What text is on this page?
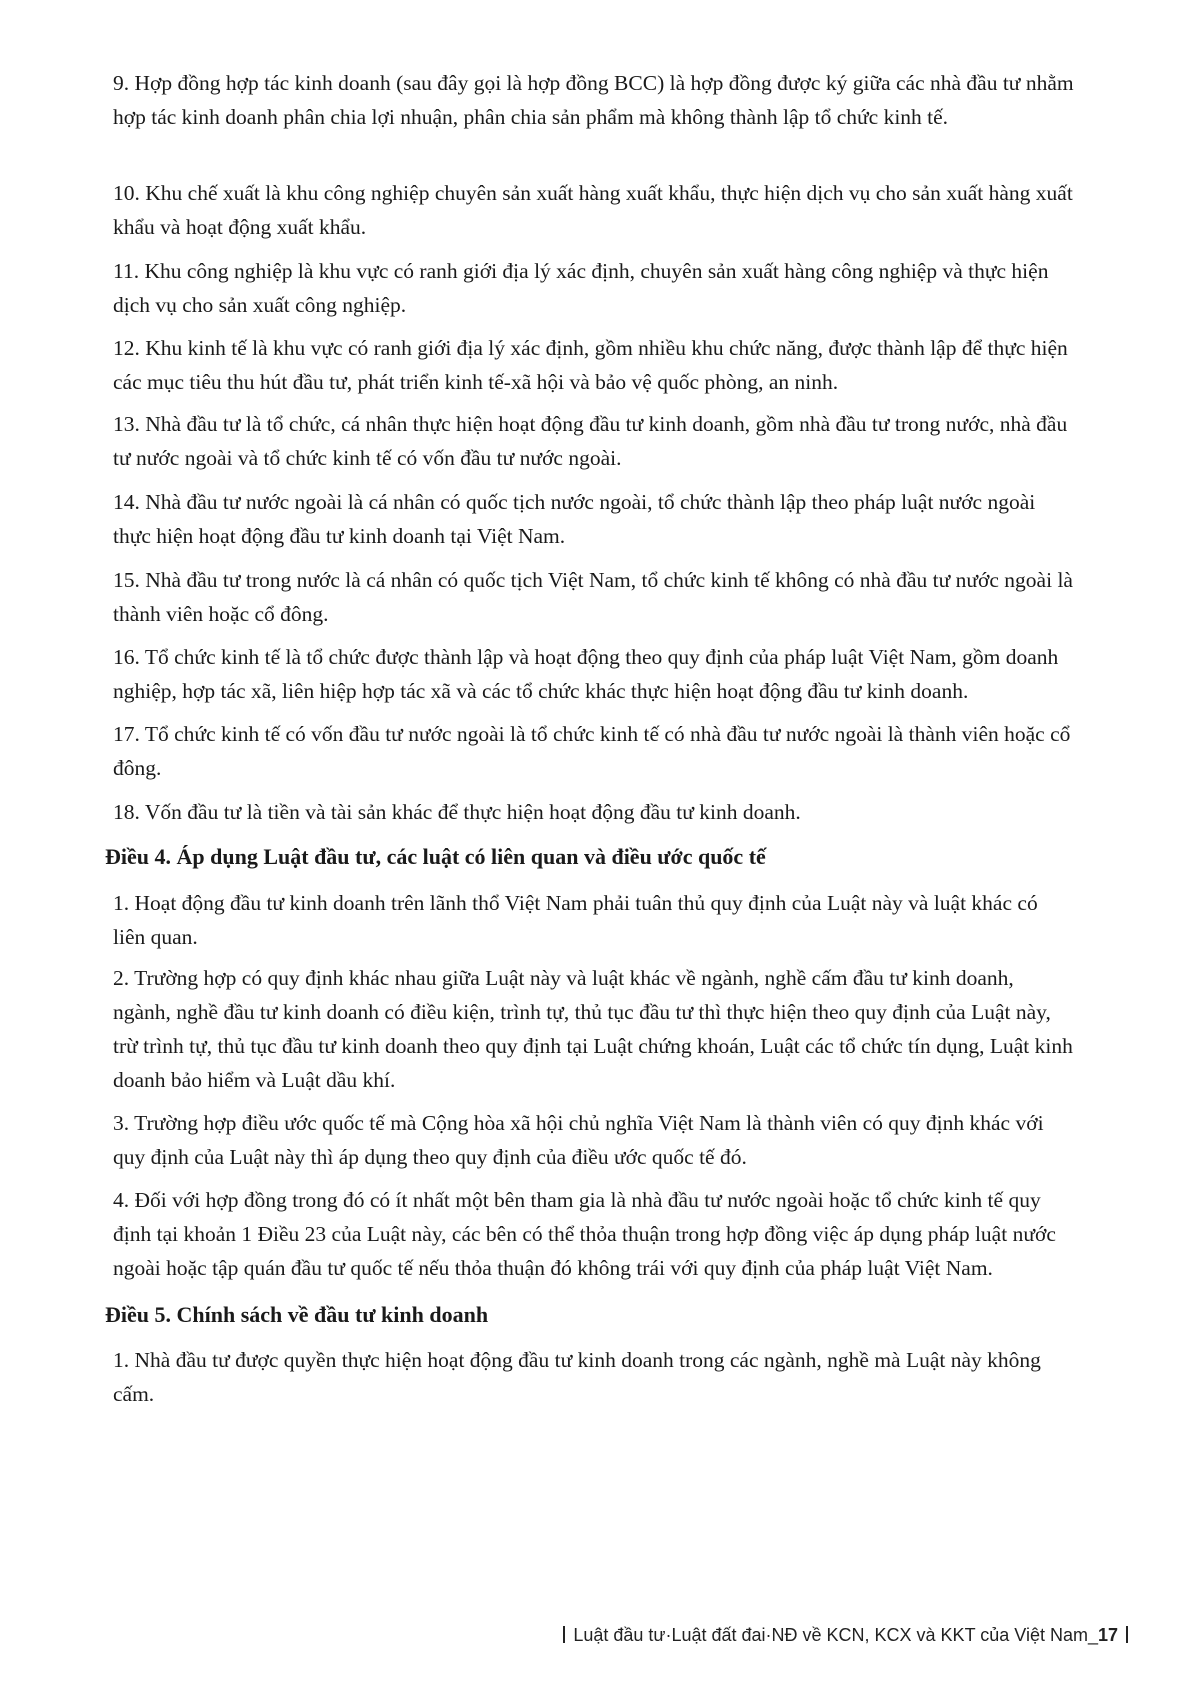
9. Hợp đồng hợp tác kinh doanh (sau đây gọi là hợp đồng BCC) là hợp đồng được ký giữa các nhà đầu tư nhằm hợp tác kinh doanh phân chia lợi nhuận, phân chia sản phẩm mà không thành lập tổ chức kinh tế.
10. Khu chế xuất là khu công nghiệp chuyên sản xuất hàng xuất khẩu, thực hiện dịch vụ cho sản xuất hàng xuất khẩu và hoạt động xuất khẩu.
11. Khu công nghiệp là khu vực có ranh giới địa lý xác định, chuyên sản xuất hàng công nghiệp và thực hiện dịch vụ cho sản xuất công nghiệp.
12. Khu kinh tế là khu vực có ranh giới địa lý xác định, gồm nhiều khu chức năng, được thành lập để thực hiện các mục tiêu thu hút đầu tư, phát triển kinh tế-xã hội và bảo vệ quốc phòng, an ninh.
13. Nhà đầu tư là tổ chức, cá nhân thực hiện hoạt động đầu tư kinh doanh, gồm nhà đầu tư trong nước, nhà đầu tư nước ngoài và tổ chức kinh tế có vốn đầu tư nước ngoài.
14. Nhà đầu tư nước ngoài là cá nhân có quốc tịch nước ngoài, tổ chức thành lập theo pháp luật nước ngoài thực hiện hoạt động đầu tư kinh doanh tại Việt Nam.
15. Nhà đầu tư trong nước là cá nhân có quốc tịch Việt Nam, tổ chức kinh tế không có nhà đầu tư nước ngoài là thành viên hoặc cổ đông.
16. Tổ chức kinh tế là tổ chức được thành lập và hoạt động theo quy định của pháp luật Việt Nam, gồm doanh nghiệp, hợp tác xã, liên hiệp hợp tác xã và các tổ chức khác thực hiện hoạt động đầu tư kinh doanh.
17. Tổ chức kinh tế có vốn đầu tư nước ngoài là tổ chức kinh tế có nhà đầu tư nước ngoài là thành viên hoặc cổ đông.
18. Vốn đầu tư là tiền và tài sản khác để thực hiện hoạt động đầu tư kinh doanh.
Điều 4. Áp dụng Luật đầu tư, các luật có liên quan và điều ước quốc tế
1. Hoạt động đầu tư kinh doanh trên lãnh thổ Việt Nam phải tuân thủ quy định của Luật này và luật khác có liên quan.
2. Trường hợp có quy định khác nhau giữa Luật này và luật khác về ngành, nghề cấm đầu tư kinh doanh, ngành, nghề đầu tư kinh doanh có điều kiện, trình tự, thủ tục đầu tư thì thực hiện theo quy định của Luật này, trừ trình tự, thủ tục đầu tư kinh doanh theo quy định tại Luật chứng khoán, Luật các tổ chức tín dụng, Luật kinh doanh bảo hiểm và Luật dầu khí.
3. Trường hợp điều ước quốc tế mà Cộng hòa xã hội chủ nghĩa Việt Nam là thành viên có quy định khác với quy định của Luật này thì áp dụng theo quy định của điều ước quốc tế đó.
4. Đối với hợp đồng trong đó có ít nhất một bên tham gia là nhà đầu tư nước ngoài hoặc tổ chức kinh tế quy định tại khoản 1 Điều 23 của Luật này, các bên có thể thỏa thuận trong hợp đồng việc áp dụng pháp luật nước ngoài hoặc tập quán đầu tư quốc tế nếu thỏa thuận đó không trái với quy định của pháp luật Việt Nam.
Điều 5. Chính sách về đầu tư kinh doanh
1. Nhà đầu tư được quyền thực hiện hoạt động đầu tư kinh doanh trong các ngành, nghề mà Luật này không cấm.
Luật đầu tư·Luật đất đai·NĐ về KCN, KCX và KKT của Việt Nam_17
